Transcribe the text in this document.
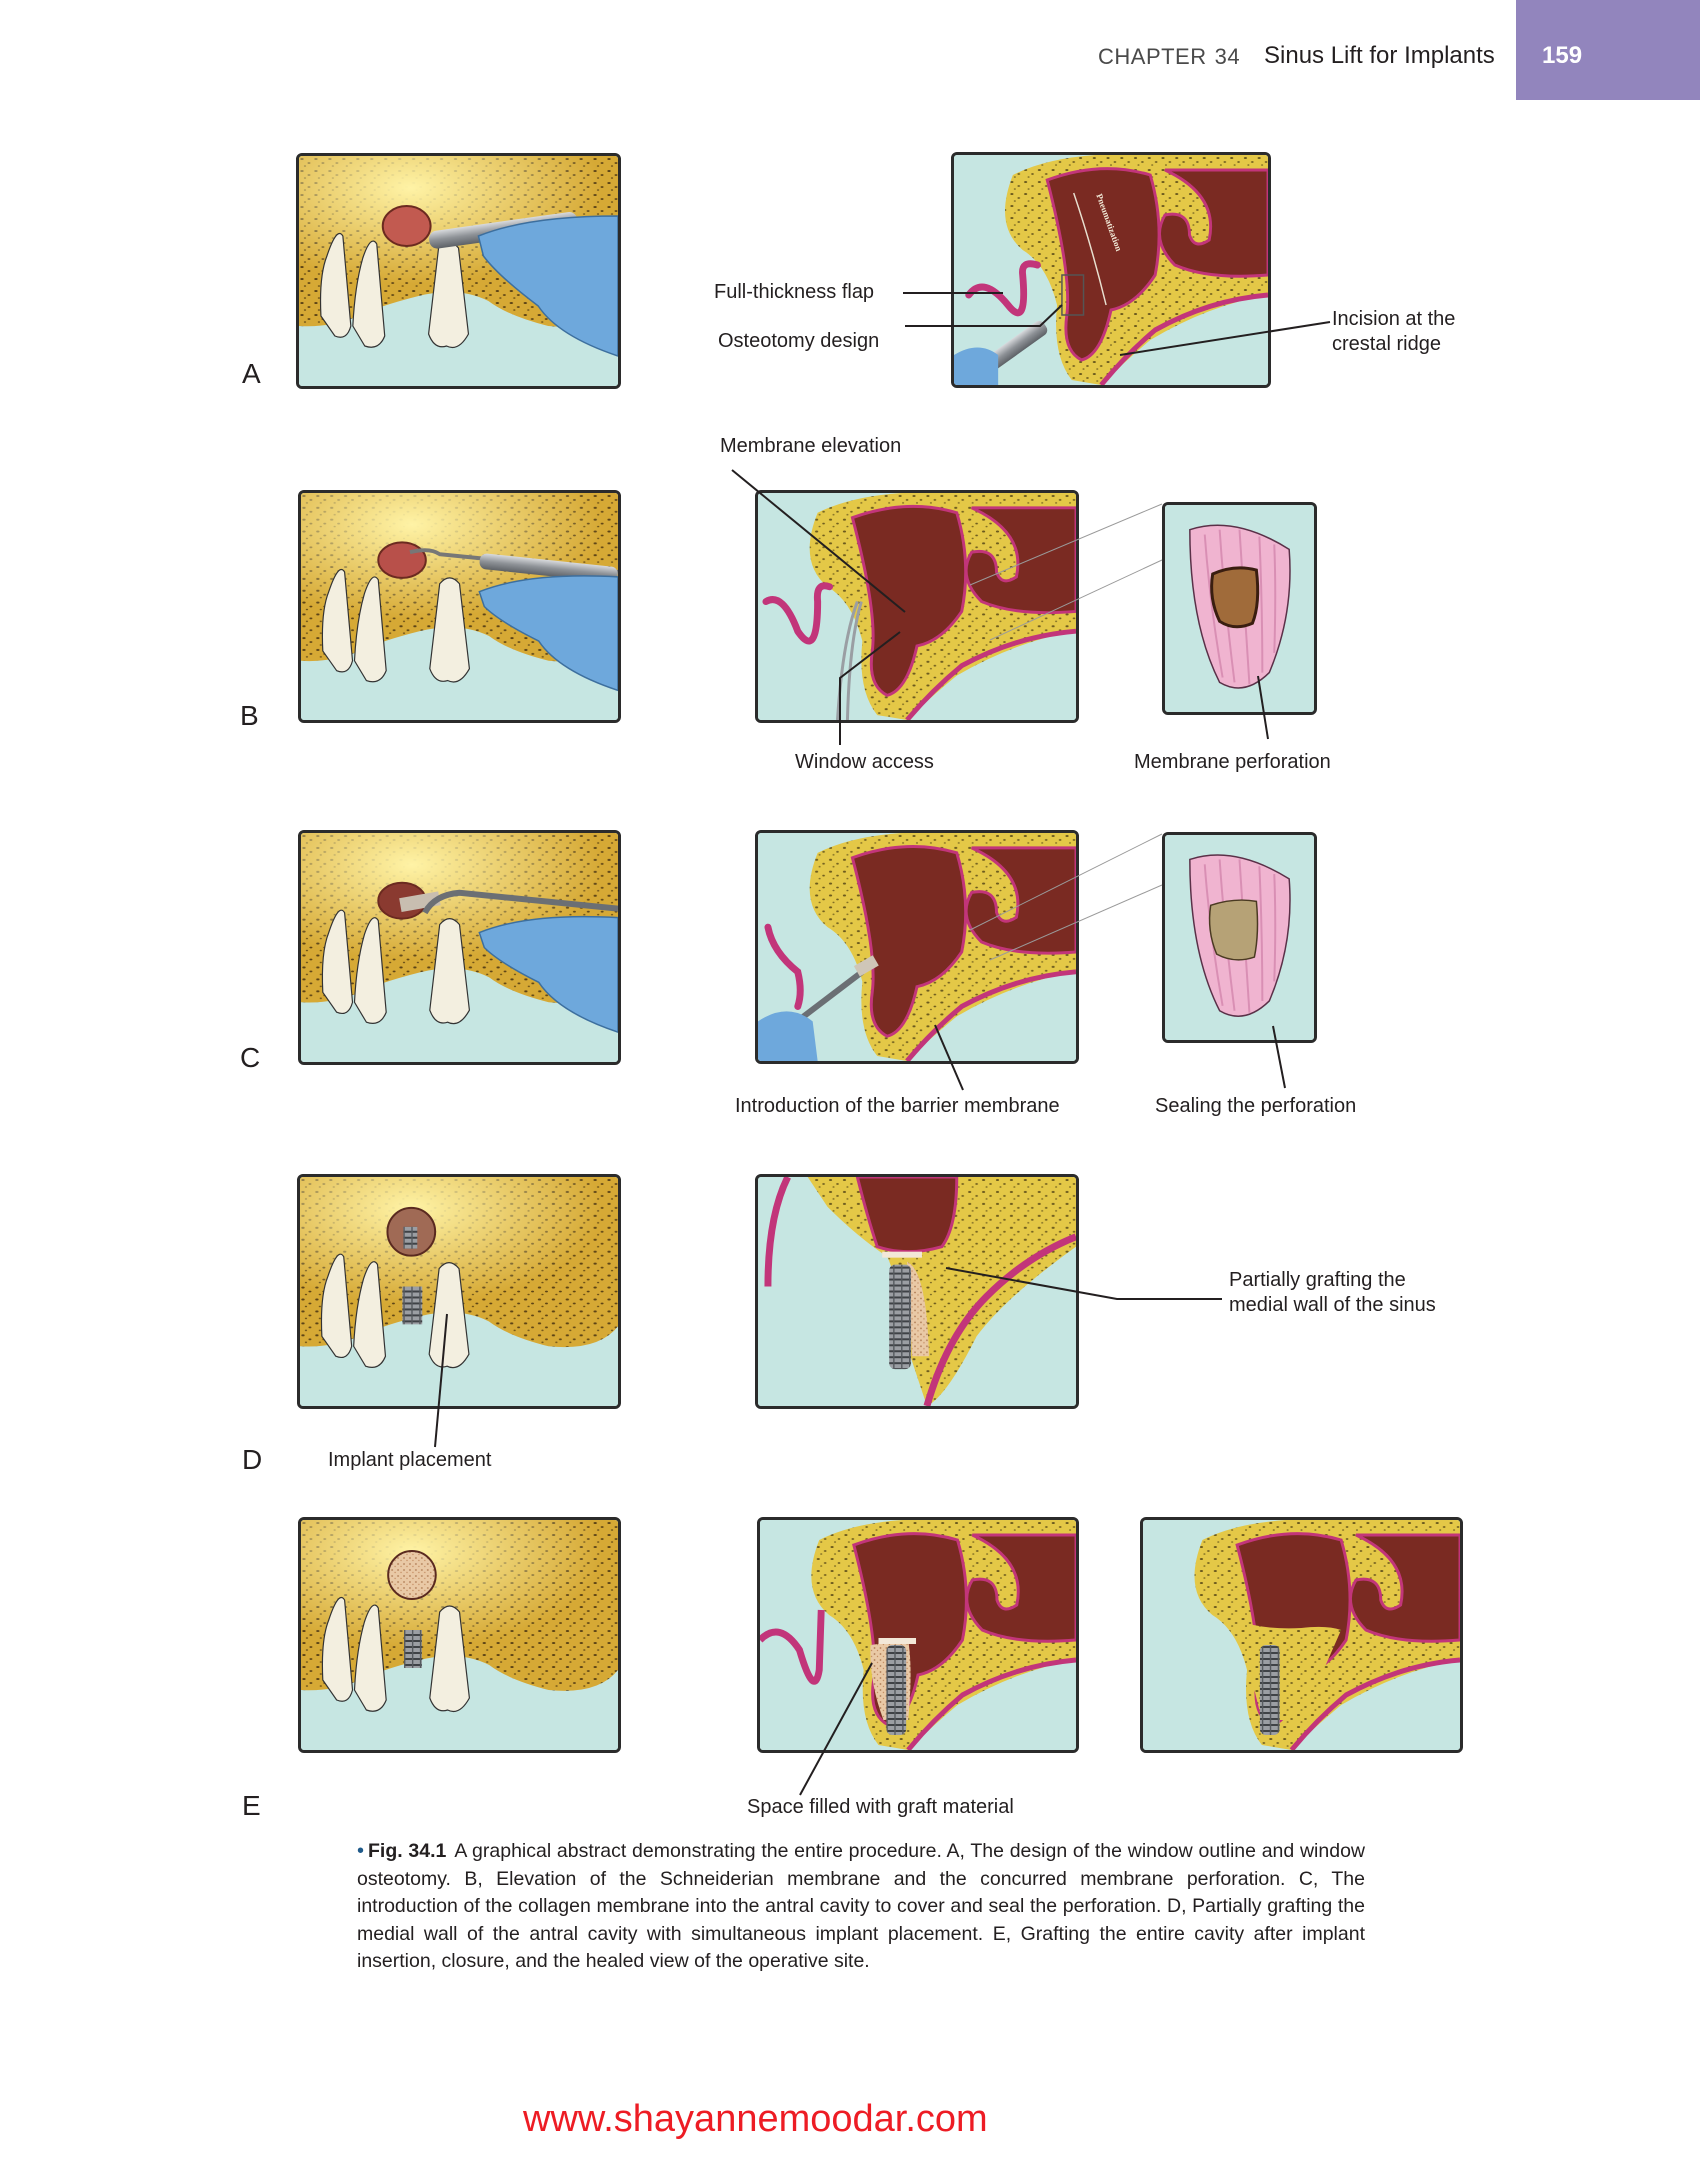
CHAPTER 34 Sinus Lift for Implants 159
A
Pneumatization
Full-thickness flap
Osteotomy design
Incision at the
crestal ridge
B
Membrane elevation
Window access	Membrane perforation
C
Introduction of the barrier membrane	Sealing the perforation
D	Implant placement
Partially grafting the
medial wall of the sinus
E	Space filled with graft material
• Fig. 34.1 A graphical abstract demonstrating the entire procedure. A, The design of the window outline and window osteotomy. B, Elevation of the Schneiderian membrane and the concurred membrane perforation. C, The introduction of the collagen membrane into the antral cavity to cover and seal the perforation. D, Partially grafting the medial wall of the antral cavity with simultaneous implant placement. E, Grafting the entire cavity after implant insertion, closure, and the healed view of the operative site.
www.shayannemoodar.com
